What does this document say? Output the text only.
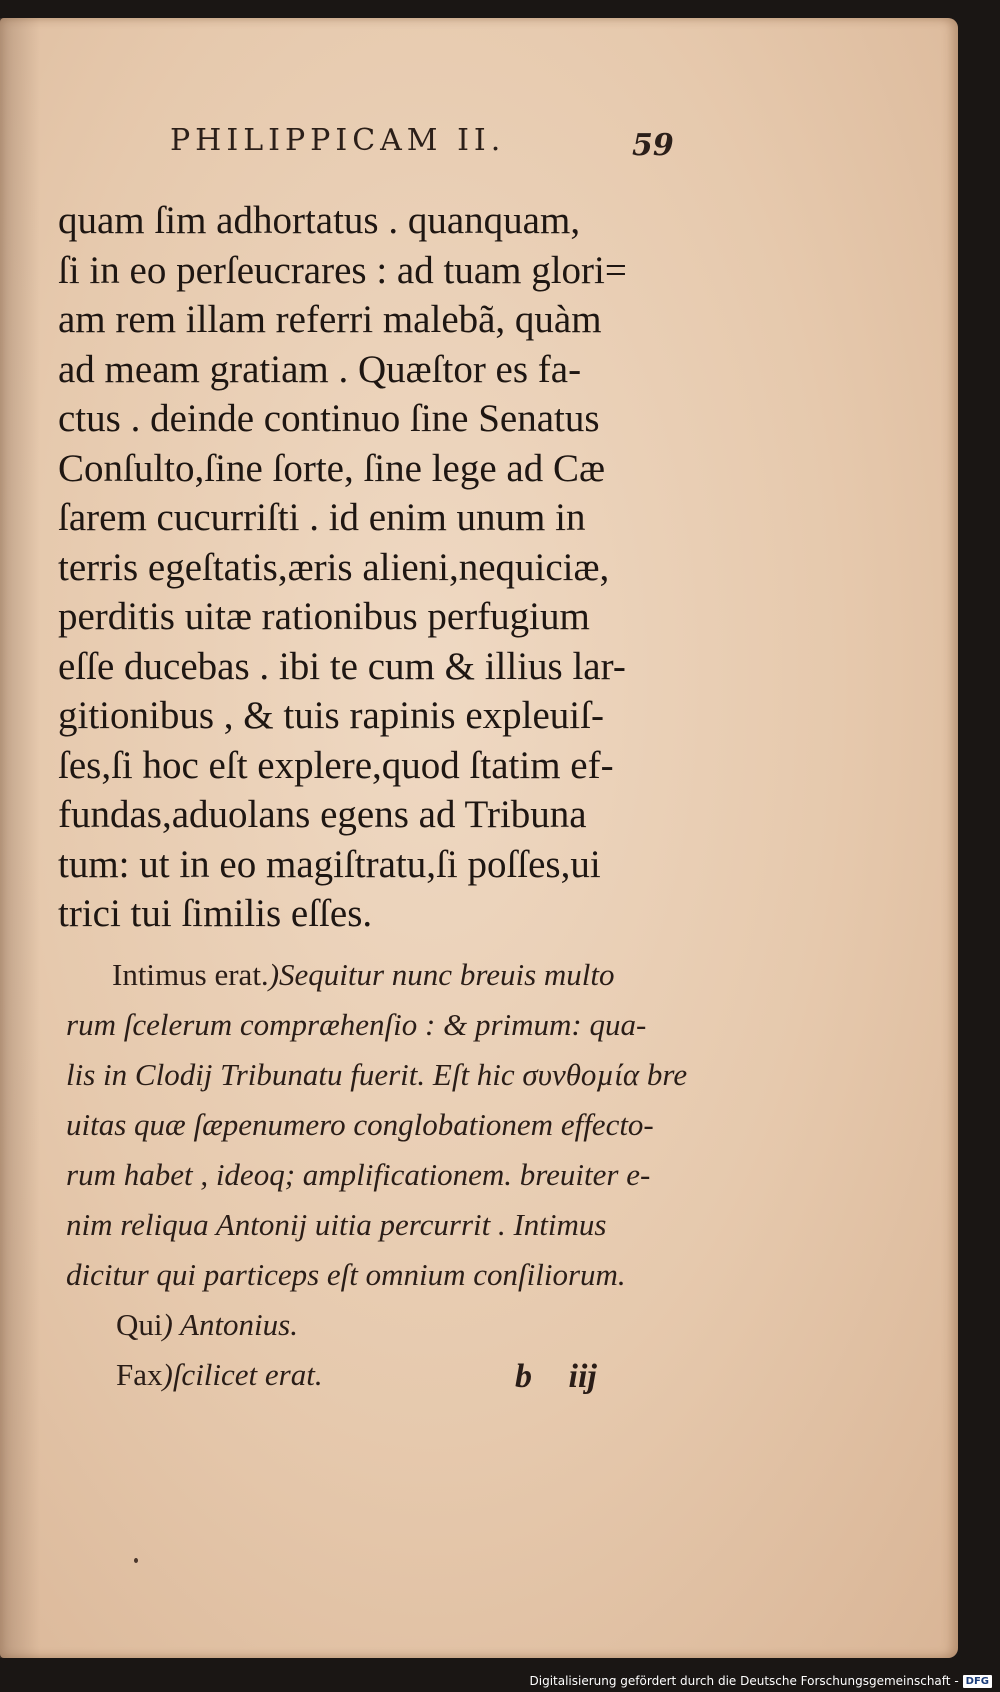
PHILIPPICAM II.	59
quam ſim adhortatus . quanquam,
ſi in eo perſeucrares : ad tuam glori=
am rem illam referri malebã, quàm
ad meam gratiam . Quæſtor es fa-
ctus . deinde continuo ſine Senatus
Conſulto,ſine ſorte, ſine lege ad Cæ
ſarem cucurriſti . id enim unum in
terris egeſtatis,æris alieni,nequiciæ,
perditis uitæ rationibus perfugium
eſſe ducebas . ibi te cum & illius lar-
gitionibus , & tuis rapinis expleuiſ-
ſes,ſi hoc eſt explere,quod ſtatim ef-
fundas,aduolans egens ad Tribuna
tum: ut in eo magiſtratu,ſi poſſes,ui
trici tui ſimilis eſſes.
Intimus erat.)Sequitur nunc breuis multo
rum ſcelerum compræhenſio : & primum: qua-
lis in Clodij Tribunatu fuerit. Eſt hic συνθοµία bre
uitas quæ ſæpenumero conglobationem effecto-
rum habet , ideoq; amplificationem. breuiter e-
nim reliqua Antonij uitia percurrit . Intimus
dicitur qui particeps eſt omnium conſiliorum.
Qui) Antonius.
Fax)ſcilicet erat.	b iij
Digitalisierung gefördert durch die Deutsche Forschungsgemeinschaft - DFG
